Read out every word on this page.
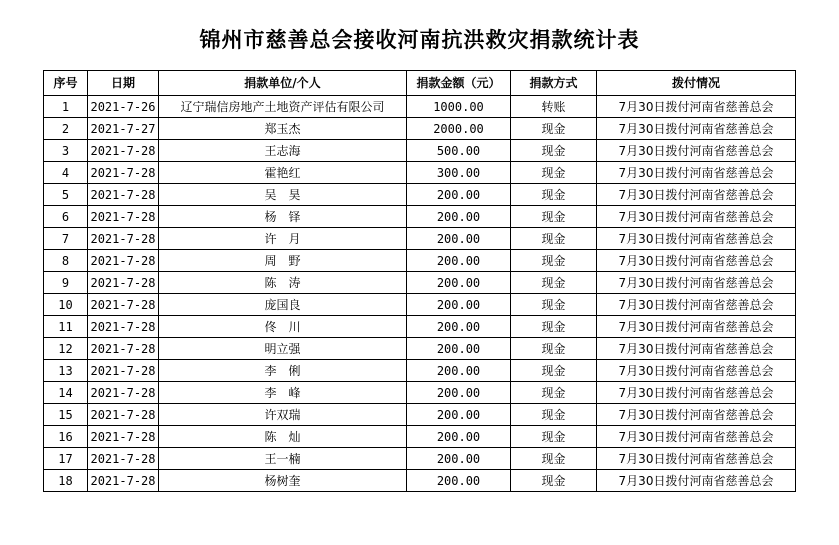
锦州市慈善总会接收河南抗洪救灾捐款统计表
序号	日期	捐款单位/个人	捐款金额（元）	捐款方式	拨付情况
1	2021-7-26	辽宁瑞信房地产土地资产评估有限公司	1000.00	转账	7月30日拨付河南省慈善总会
2	2021-7-27	郑玉杰	2000.00	现金	7月30日拨付河南省慈善总会
3	2021-7-28	王志海	500.00	现金	7月30日拨付河南省慈善总会
4	2021-7-28	霍艳红	300.00	现金	7月30日拨付河南省慈善总会
5	2021-7-28	吴　昊	200.00	现金	7月30日拨付河南省慈善总会
6	2021-7-28	杨　铎	200.00	现金	7月30日拨付河南省慈善总会
7	2021-7-28	许　月	200.00	现金	7月30日拨付河南省慈善总会
8	2021-7-28	周　野	200.00	现金	7月30日拨付河南省慈善总会
9	2021-7-28	陈　涛	200.00	现金	7月30日拨付河南省慈善总会
10	2021-7-28	庞国良	200.00	现金	7月30日拨付河南省慈善总会
11	2021-7-28	佟　川	200.00	现金	7月30日拨付河南省慈善总会
12	2021-7-28	明立强	200.00	现金	7月30日拨付河南省慈善总会
13	2021-7-28	李　俐	200.00	现金	7月30日拨付河南省慈善总会
14	2021-7-28	李　峰	200.00	现金	7月30日拨付河南省慈善总会
15	2021-7-28	许双瑞	200.00	现金	7月30日拨付河南省慈善总会
16	2021-7-28	陈　灿	200.00	现金	7月30日拨付河南省慈善总会
17	2021-7-28	王一楠	200.00	现金	7月30日拨付河南省慈善总会
18	2021-7-28	杨树奎	200.00	现金	7月30日拨付河南省慈善总会
